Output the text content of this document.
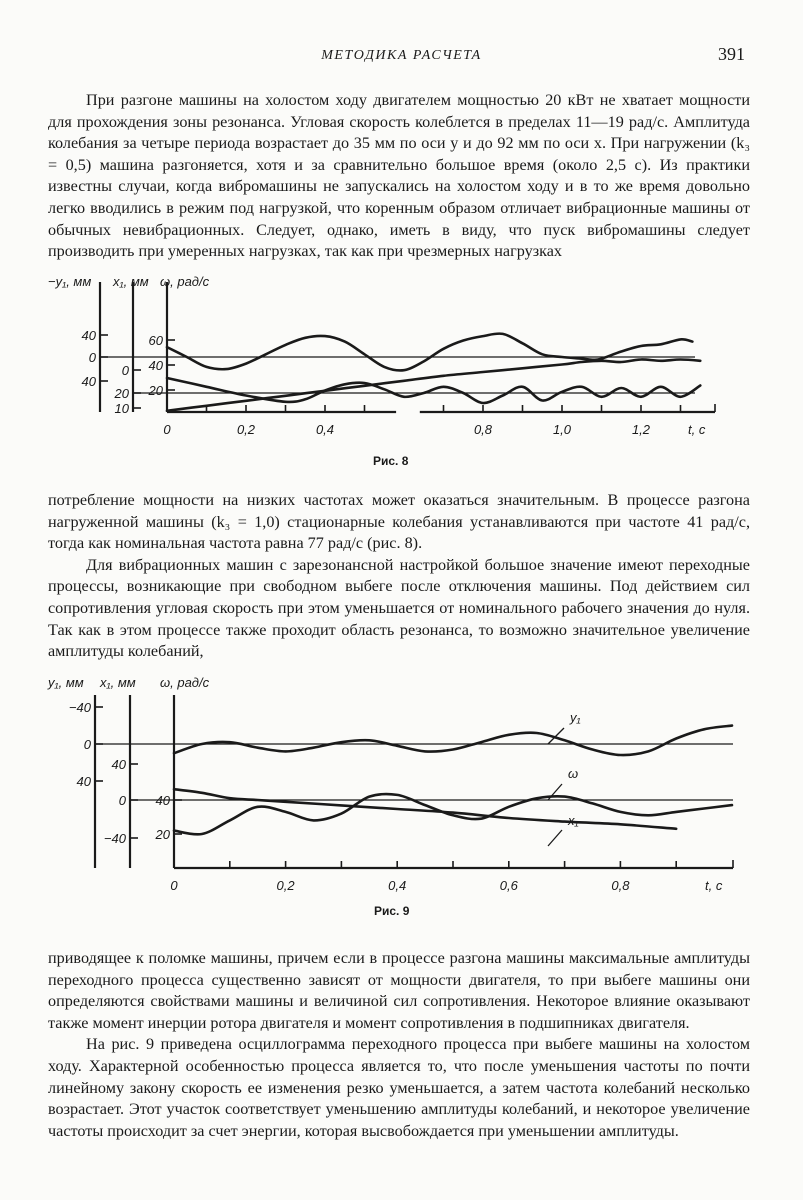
МЕТОДИКА РАСЧЕТА	391

При разгоне машины на холостом ходу двигателем мощностью 20 кВт не хватает мощности для прохождения зоны резонанса. Угловая скорость колеблется в пределах 11—19 рад/с. Амплитуда колебания за четыре периода возрастает до 35 мм по оси y и до 92 мм по оси x. При нагружении (k₃ = 0,5) машина разгоняется, хотя и за сравнительно большое время (около 2,5 с). Из практики известны случаи, когда вибромашины не запускались на холостом ходу и в то же время довольно легко вводились в режим под нагрузкой, что коренным образом отличает вибрационные машины от обычных невибрационных. Следует, однако, иметь в виду, что пуск вибромашины следует производить при умеренных нагрузках, так как при чрезмерных нагрузках

−y₁, мм
40
0
40
x₁, мм
20
0
10
ω, рад/с
60
40
20
0	0,2	0,4	0,8	1,0	1,2	t, c
Рис. 8

потребление мощности на низких частотах может оказаться значительным. В процессе разгона нагруженной машины (k₃ = 1,0) стационарные колебания устанавливаются при частоте 41 рад/с, тогда как номинальная частота равна 77 рад/с (рис. 8).

Для вибрационных машин с зарезонансной настройкой большое значение имеют переходные процессы, возникающие при свободном выбеге после отключения машины. Под действием сил сопротивления угловая скорость при этом уменьшается от номинального рабочего значения до нуля. Так как в этом процессе также проходит область резонанса, то возможно значительное увеличение амплитуды колебаний,

y₁, мм
−40
0
40
x₁, мм
40
0
−40
ω, рад/с
40
20
0	0,2	0,4	0,6	0,8	t, c
y₁
ω
x₁
Рис. 9

приводящее к поломке машины, причем если в процессе разгона машины максимальные амплитуды переходного процесса существенно зависят от мощности двигателя, то при выбеге машины они определяются свойствами машины и величиной сил сопротивления. Некоторое влияние оказывают также момент инерции ротора двигателя и момент сопротивления в подшипниках двигателя.

На рис. 9 приведена осциллограмма переходного процесса при выбеге машины на холостом ходу. Характерной особенностью процесса является то, что после уменьшения частоты по почти линейному закону скорость ее изменения резко уменьшается, а затем частота колебаний несколько возрастает. Этот участок соответствует уменьшению амплитуды колебаний, и некоторое увеличение частоты происходит за счет энергии, которая высвобождается при уменьшении амплитуды.
